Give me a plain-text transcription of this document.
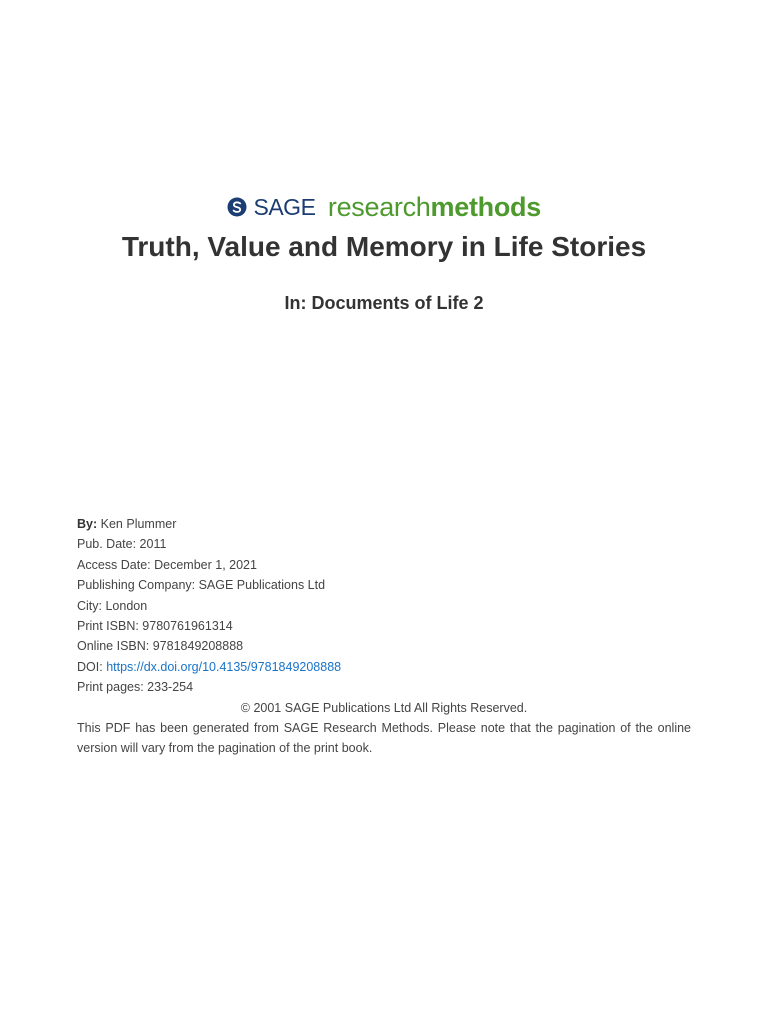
SAGE researchmethods
Truth, Value and Memory in Life Stories
In: Documents of Life 2
By: Ken Plummer
Pub. Date: 2011
Access Date: December 1, 2021
Publishing Company: SAGE Publications Ltd
City: London
Print ISBN: 9780761961314
Online ISBN: 9781849208888
DOI: https://dx.doi.org/10.4135/9781849208888
Print pages: 233-254
© 2001 SAGE Publications Ltd All Rights Reserved.
This PDF has been generated from SAGE Research Methods. Please note that the pagination of the online version will vary from the pagination of the print book.
